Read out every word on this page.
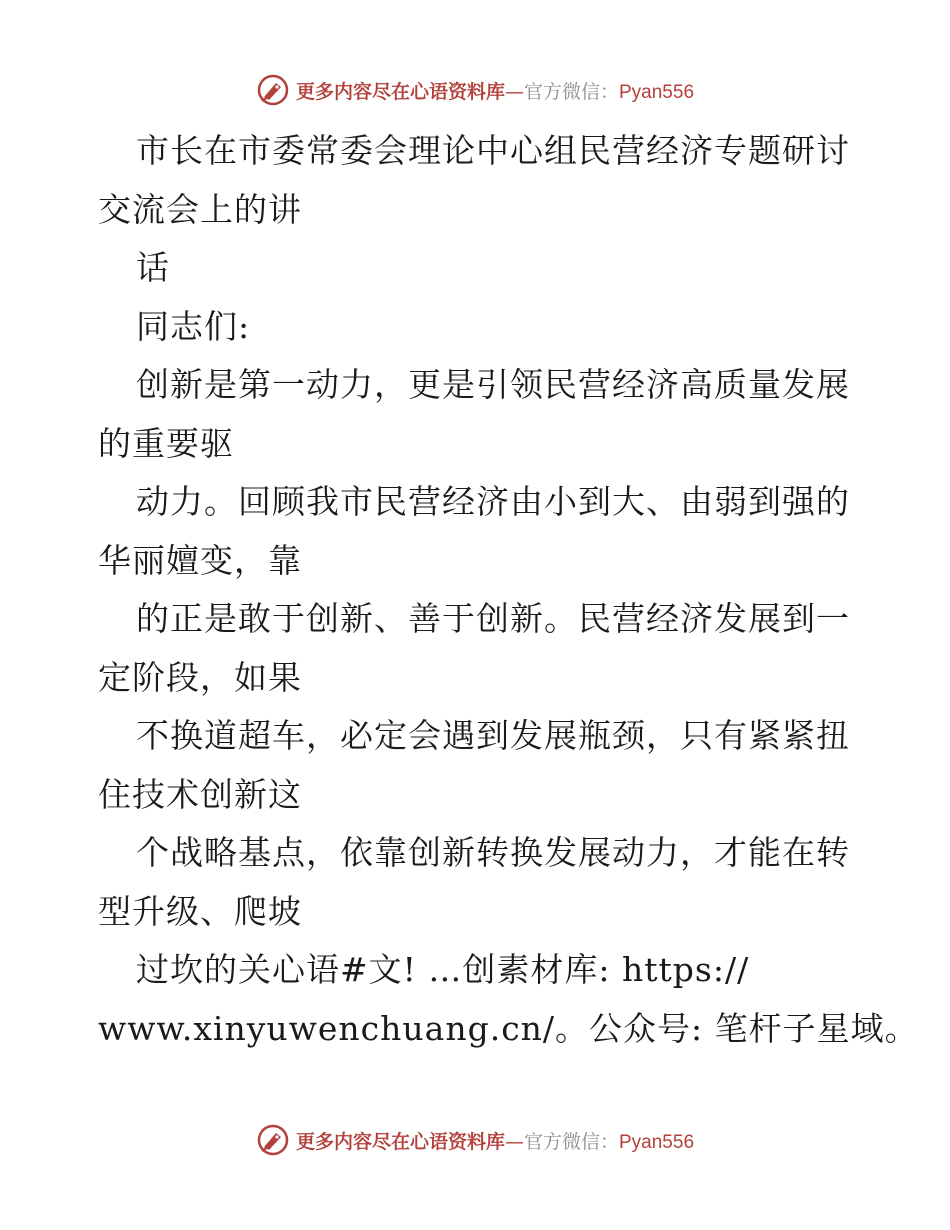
更多内容尽在心语资料库—官方微信：Pyan556
市长在市委常委会理论中心组民营经济专题研讨
交流会上的讲
话
同志们:
创新是第一动力，更是引领民营经济高质量发展
的重要驱
动力。回顾我市民营经济由小到大、由弱到强的
华丽嬗变，靠
的正是敢于创新、善于创新。民营经济发展到一
定阶段，如果
不换道超车，必定会遇到发展瓶颈，只有紧紧扭
住技术创新这
个战略基点，依靠创新转换发展动力，才能在转
型升级、爬坡
过坎的关心语#文! …创素材库: https://
www.xinyuwenchuang.cn/。公众号: 笔杆子星域。
更多内容尽在心语资料库—官方微信：Pyan556
